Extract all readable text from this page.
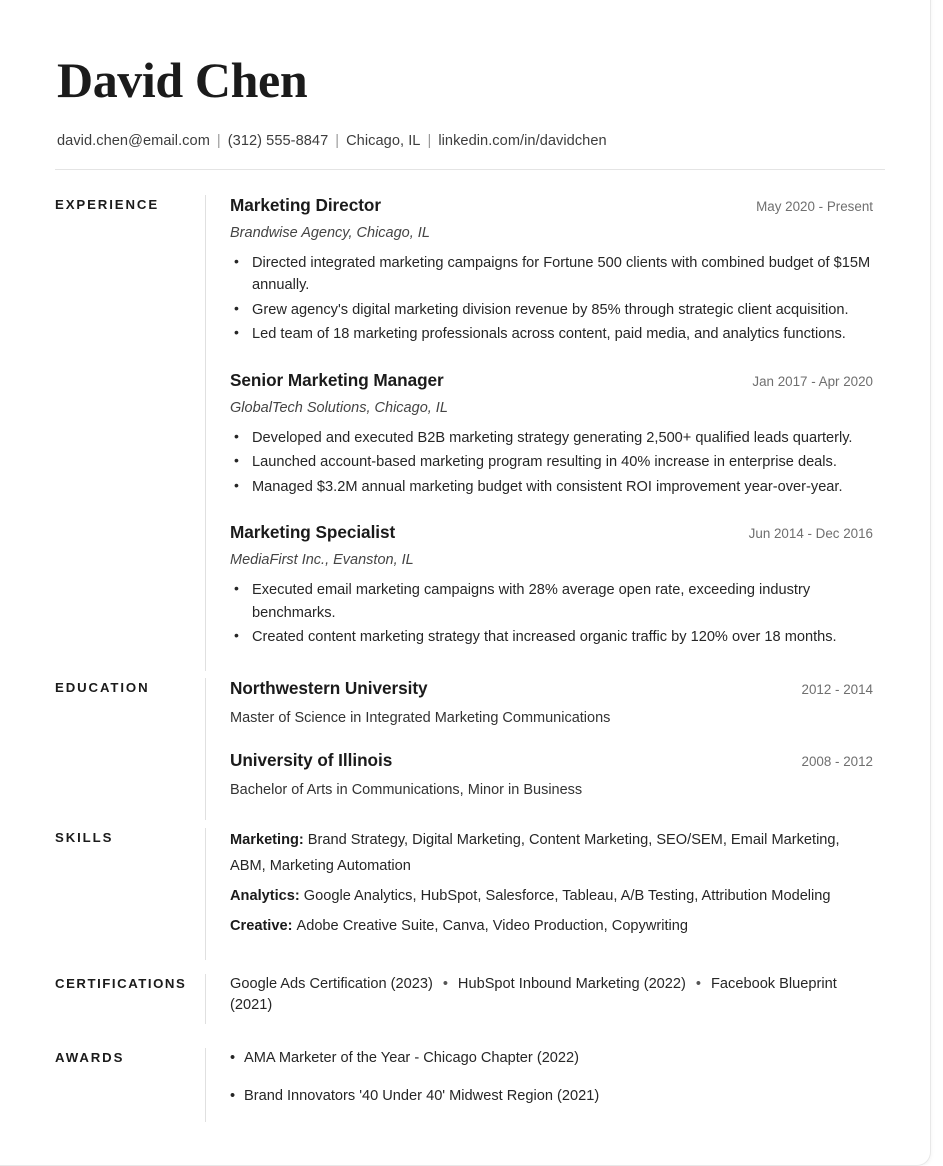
David Chen
david.chen@email.com | (312) 555-8847 | Chicago, IL | linkedin.com/in/davidchen
EXPERIENCE	Marketing Director	May 2020 - Present
Brandwise Agency, Chicago, IL
• Directed integrated marketing campaigns for Fortune 500 clients with combined budget of $15M annually.
• Grew agency's digital marketing division revenue by 85% through strategic client acquisition.
• Led team of 18 marketing professionals across content, paid media, and analytics functions.
Senior Marketing Manager	Jan 2017 - Apr 2020
GlobalTech Solutions, Chicago, IL
• Developed and executed B2B marketing strategy generating 2,500+ qualified leads quarterly.
• Launched account-based marketing program resulting in 40% increase in enterprise deals.
• Managed $3.2M annual marketing budget with consistent ROI improvement year-over-year.
Marketing Specialist	Jun 2014 - Dec 2016
MediaFirst Inc., Evanston, IL
• Executed email marketing campaigns with 28% average open rate, exceeding industry benchmarks.
• Created content marketing strategy that increased organic traffic by 120% over 18 months.
EDUCATION	Northwestern University	2012 - 2014
Master of Science in Integrated Marketing Communications
University of Illinois	2008 - 2012
Bachelor of Arts in Communications, Minor in Business
SKILLS	Marketing: Brand Strategy, Digital Marketing, Content Marketing, SEO/SEM, Email Marketing, ABM, Marketing Automation
Analytics: Google Analytics, HubSpot, Salesforce, Tableau, A/B Testing, Attribution Modeling
Creative: Adobe Creative Suite, Canva, Video Production, Copywriting
CERTIFICATIONS	Google Ads Certification (2023) • HubSpot Inbound Marketing (2022) • Facebook Blueprint (2021)
AWARDS	• AMA Marketer of the Year - Chicago Chapter (2022)
• Brand Innovators '40 Under 40' Midwest Region (2021)
